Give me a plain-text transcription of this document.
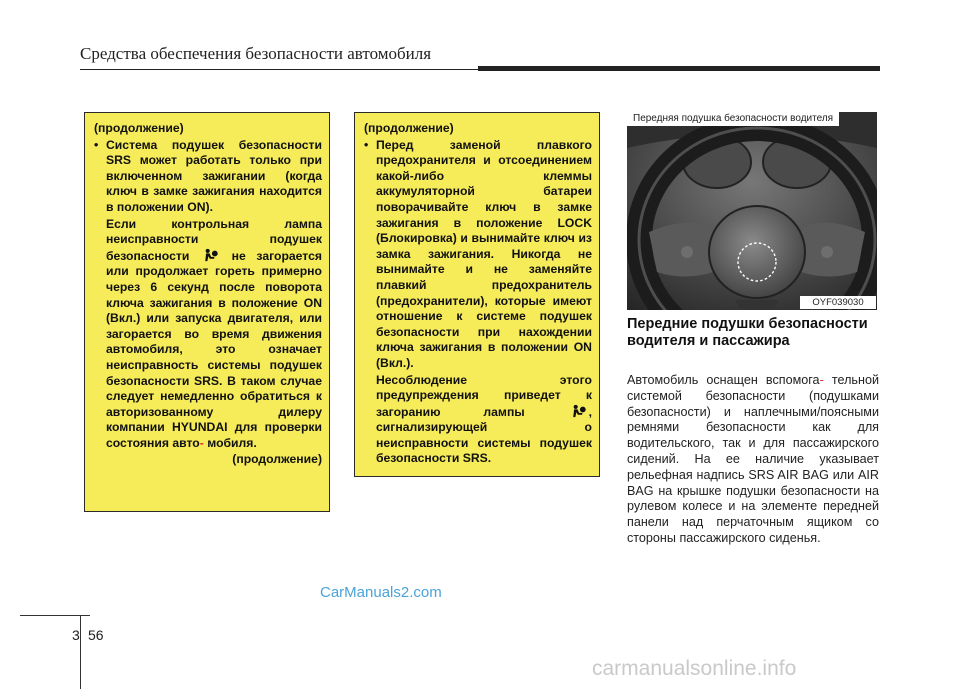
Средства обеспечения безопасности автомобиля
(продолжение)
• Система подушек безопасности SRS может работать только при включенном зажигании (когда ключ в замке зажигания находится в положении ON).
Если контрольная лампа неисправности подушек безопасности	не загорается или продолжает гореть примерно через 6 секунд после поворота ключа зажигания в положение ON (Вкл.) или запуска двигателя, или загорается во время движения автомобиля, это означает неисправность системы подушек безопасности SRS. В таком случае следует немедленно обратиться к авторизованному дилеру компании HYUNDAI для проверки состояния авто- мобиля.
(продолжение)
(продолжение)
• Перед заменой плавкого предохранителя и отсоединением какой-либо клеммы аккумуляторной батареи поворачивайте ключ в замке зажигания в положение LOCK (Блокировка) и вынимайте ключ из замка зажигания. Никогда не вынимайте и не заменяйте плавкий предохранитель (предохранители), которые имеют отношение к системе подушек безопасности при нахождении ключа зажигания в положении ON (Вкл.).
Несоблюдение этого предупреждения приведет к загоранию лампы	, сигнализирующей о неисправности системы подушек безопасности SRS.
Передняя подушка безопасности водителя
OYF039030
Передние подушки безопасности водителя и пассажира
Автомобиль оснащен вспомога- тельной системой безопасности (подушками безопасности) и наплечными/поясными ремнями безопасности как для водительского, так и для пассажирского сидений. На ее наличие указывает рельефная надпись SRS AIR BAG или AIR BAG на крышке подушки безопасности на рулевом колесе и на элементе передней панели над перчаточным ящиком со стороны пассажирского сиденья.
CarManuals2.com
3 56
carmanualsonline.info
